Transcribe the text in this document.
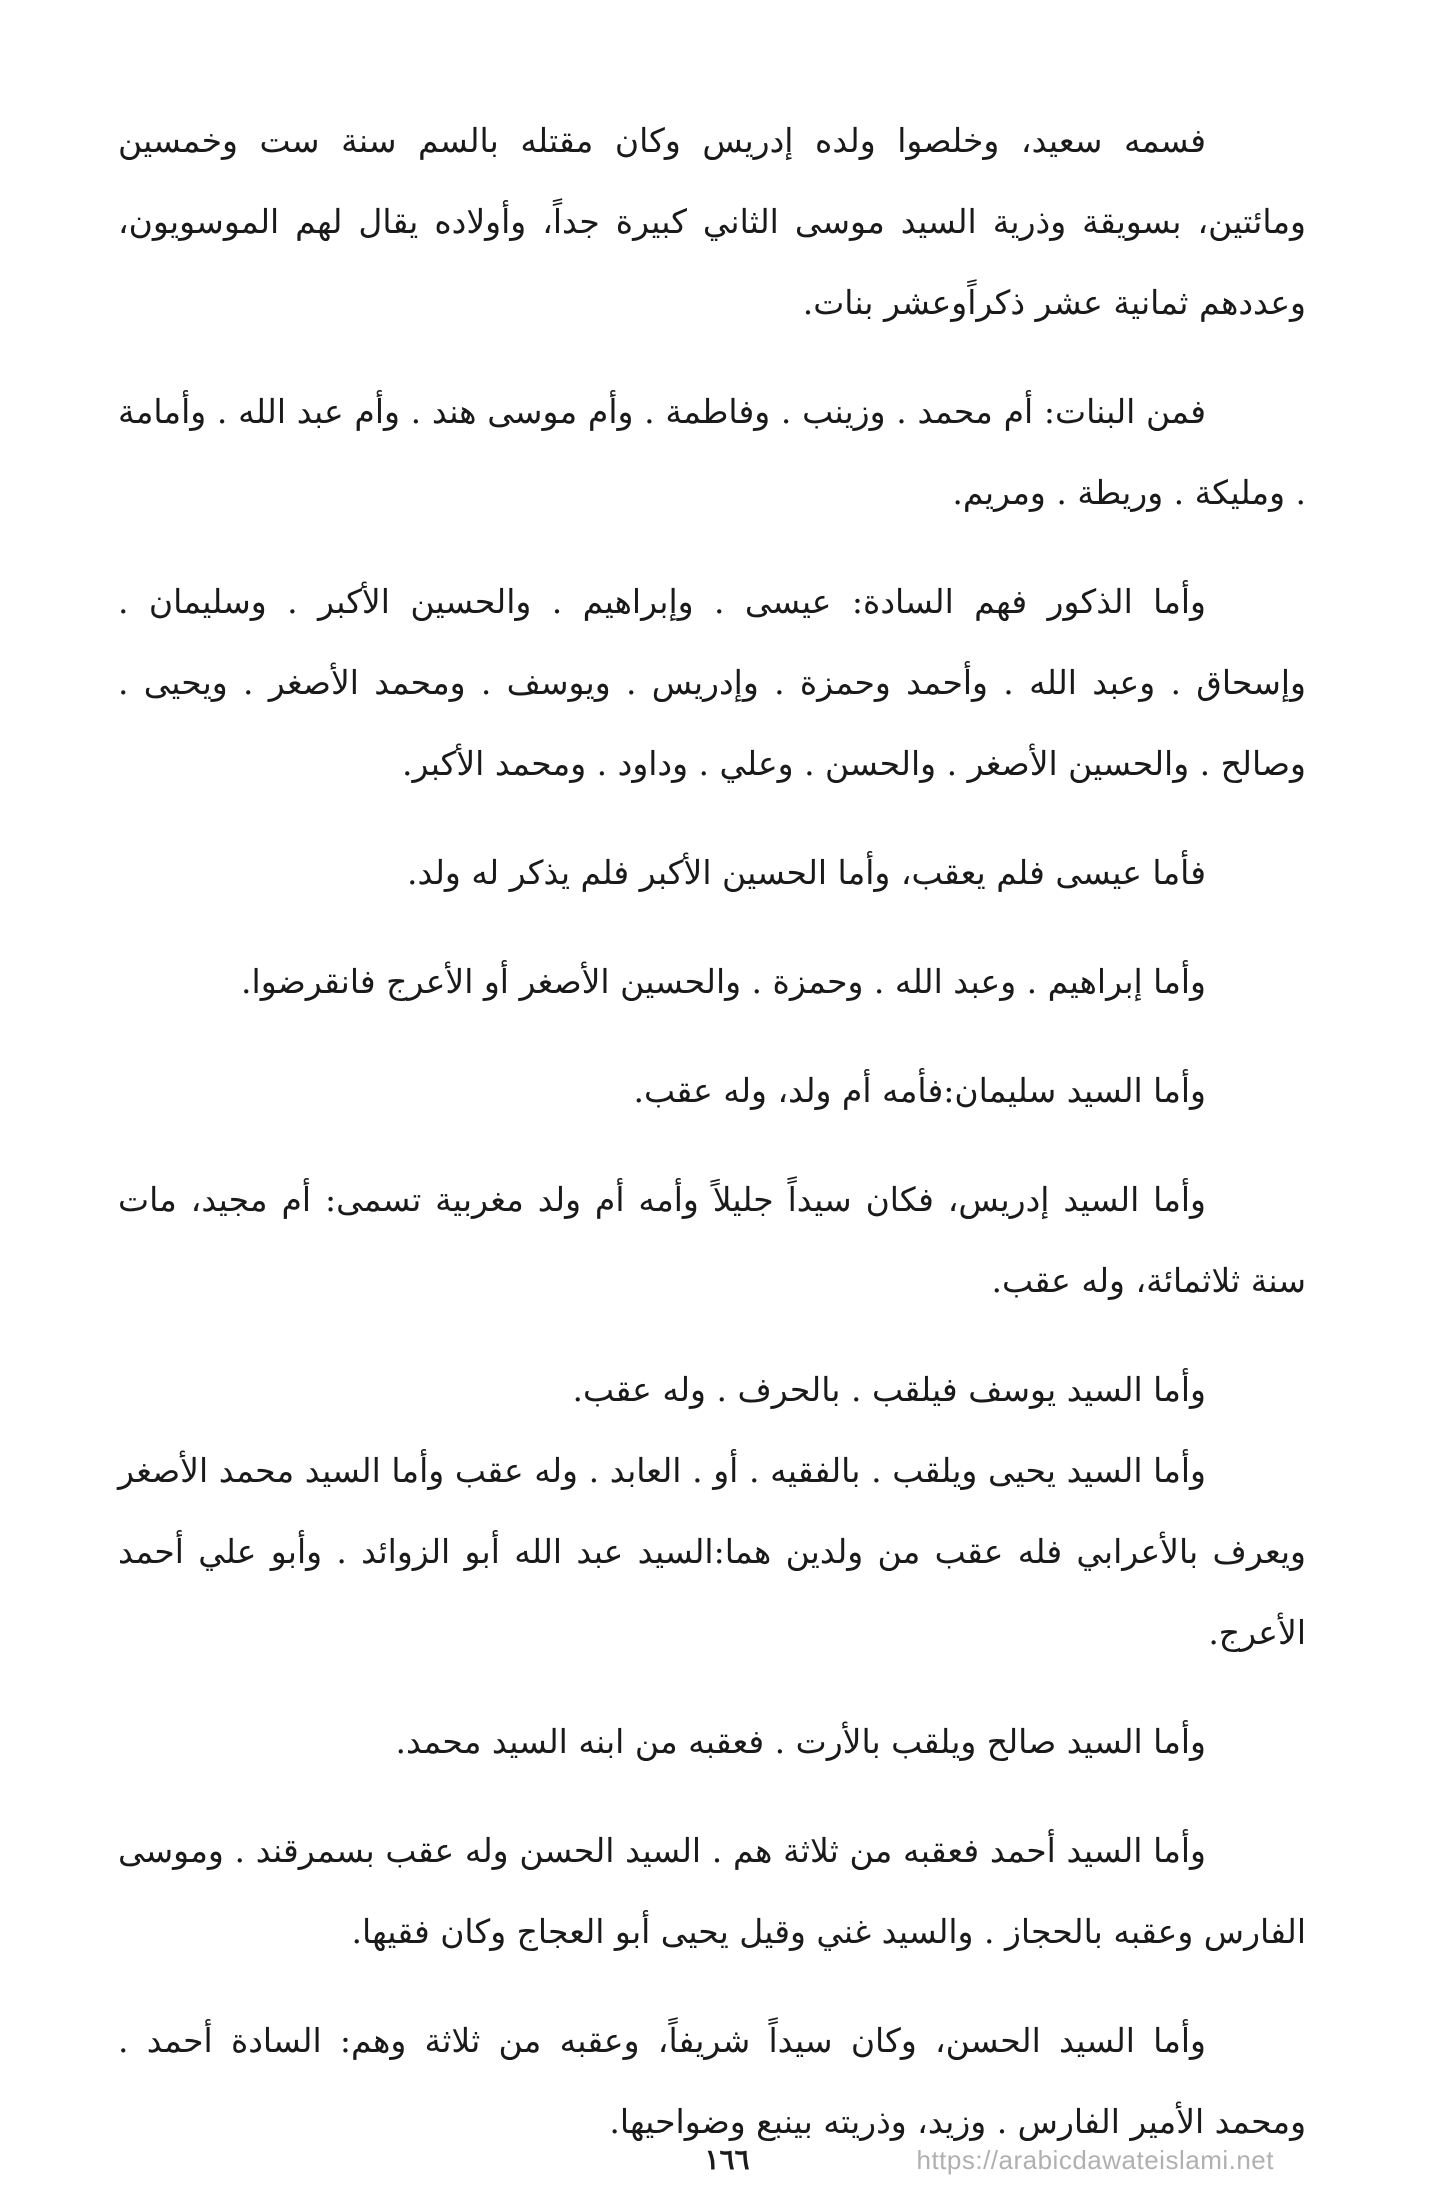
فسمه سعيد، وخلصوا ولده إدريس وكان مقتله بالسم سنة ست وخمسين ومائتين، بسويقة وذرية السيد موسى الثاني كبيرة جداً، وأولاده يقال لهم الموسويون، وعددهم ثمانية عشر ذكراًوعشر بنات.

فمن البنات: أم محمد . وزينب . وفاطمة . وأم موسى هند . وأم عبد الله . وأمامة . ومليكة . وريطة . ومريم.

وأما الذكور فهم السادة: عيسى . وإبراهيم . والحسين الأكبر . وسليمان . وإسحاق . وعبد الله . وأحمد وحمزة . وإدريس . ويوسف . ومحمد الأصغر . ويحيى . وصالح . والحسين الأصغر . والحسن . وعلي . وداود . ومحمد الأكبر.

فأما عيسى فلم يعقب، وأما الحسين الأكبر فلم يذكر له ولد.

وأما إبراهيم . وعبد الله . وحمزة . والحسين الأصغر أو الأعرج فانقرضوا.

وأما السيد سليمان:فأمه أم ولد، وله عقب.

وأما السيد إدريس، فكان سيداً جليلاً وأمه أم ولد مغربية تسمى: أم مجيد، مات سنة ثلاثمائة، وله عقب.

وأما السيد يوسف فيلقب . بالحرف . وله عقب.

وأما السيد يحيى ويلقب . بالفقيه . أو . العابد . وله عقب وأما السيد محمد الأصغر ويعرف بالأعرابي فله عقب من ولدين هما:السيد عبد الله أبو الزوائد . وأبو علي أحمد الأعرج.

وأما السيد صالح ويلقب بالأرت . فعقبه من ابنه السيد محمد.

وأما السيد أحمد فعقبه من ثلاثة هم . السيد الحسن وله عقب بسمرقند . وموسى الفارس وعقبه بالحجاز . والسيد غني وقيل يحيى أبو العجاج وكان فقيها.

وأما السيد الحسن، وكان سيداً شريفاً، وعقبه من ثلاثة وهم: السادة أحمد . ومحمد الأمير الفارس . وزيد، وذريته بينبع وضواحيها.

١٦٦	https://arabicdawateislami.net
